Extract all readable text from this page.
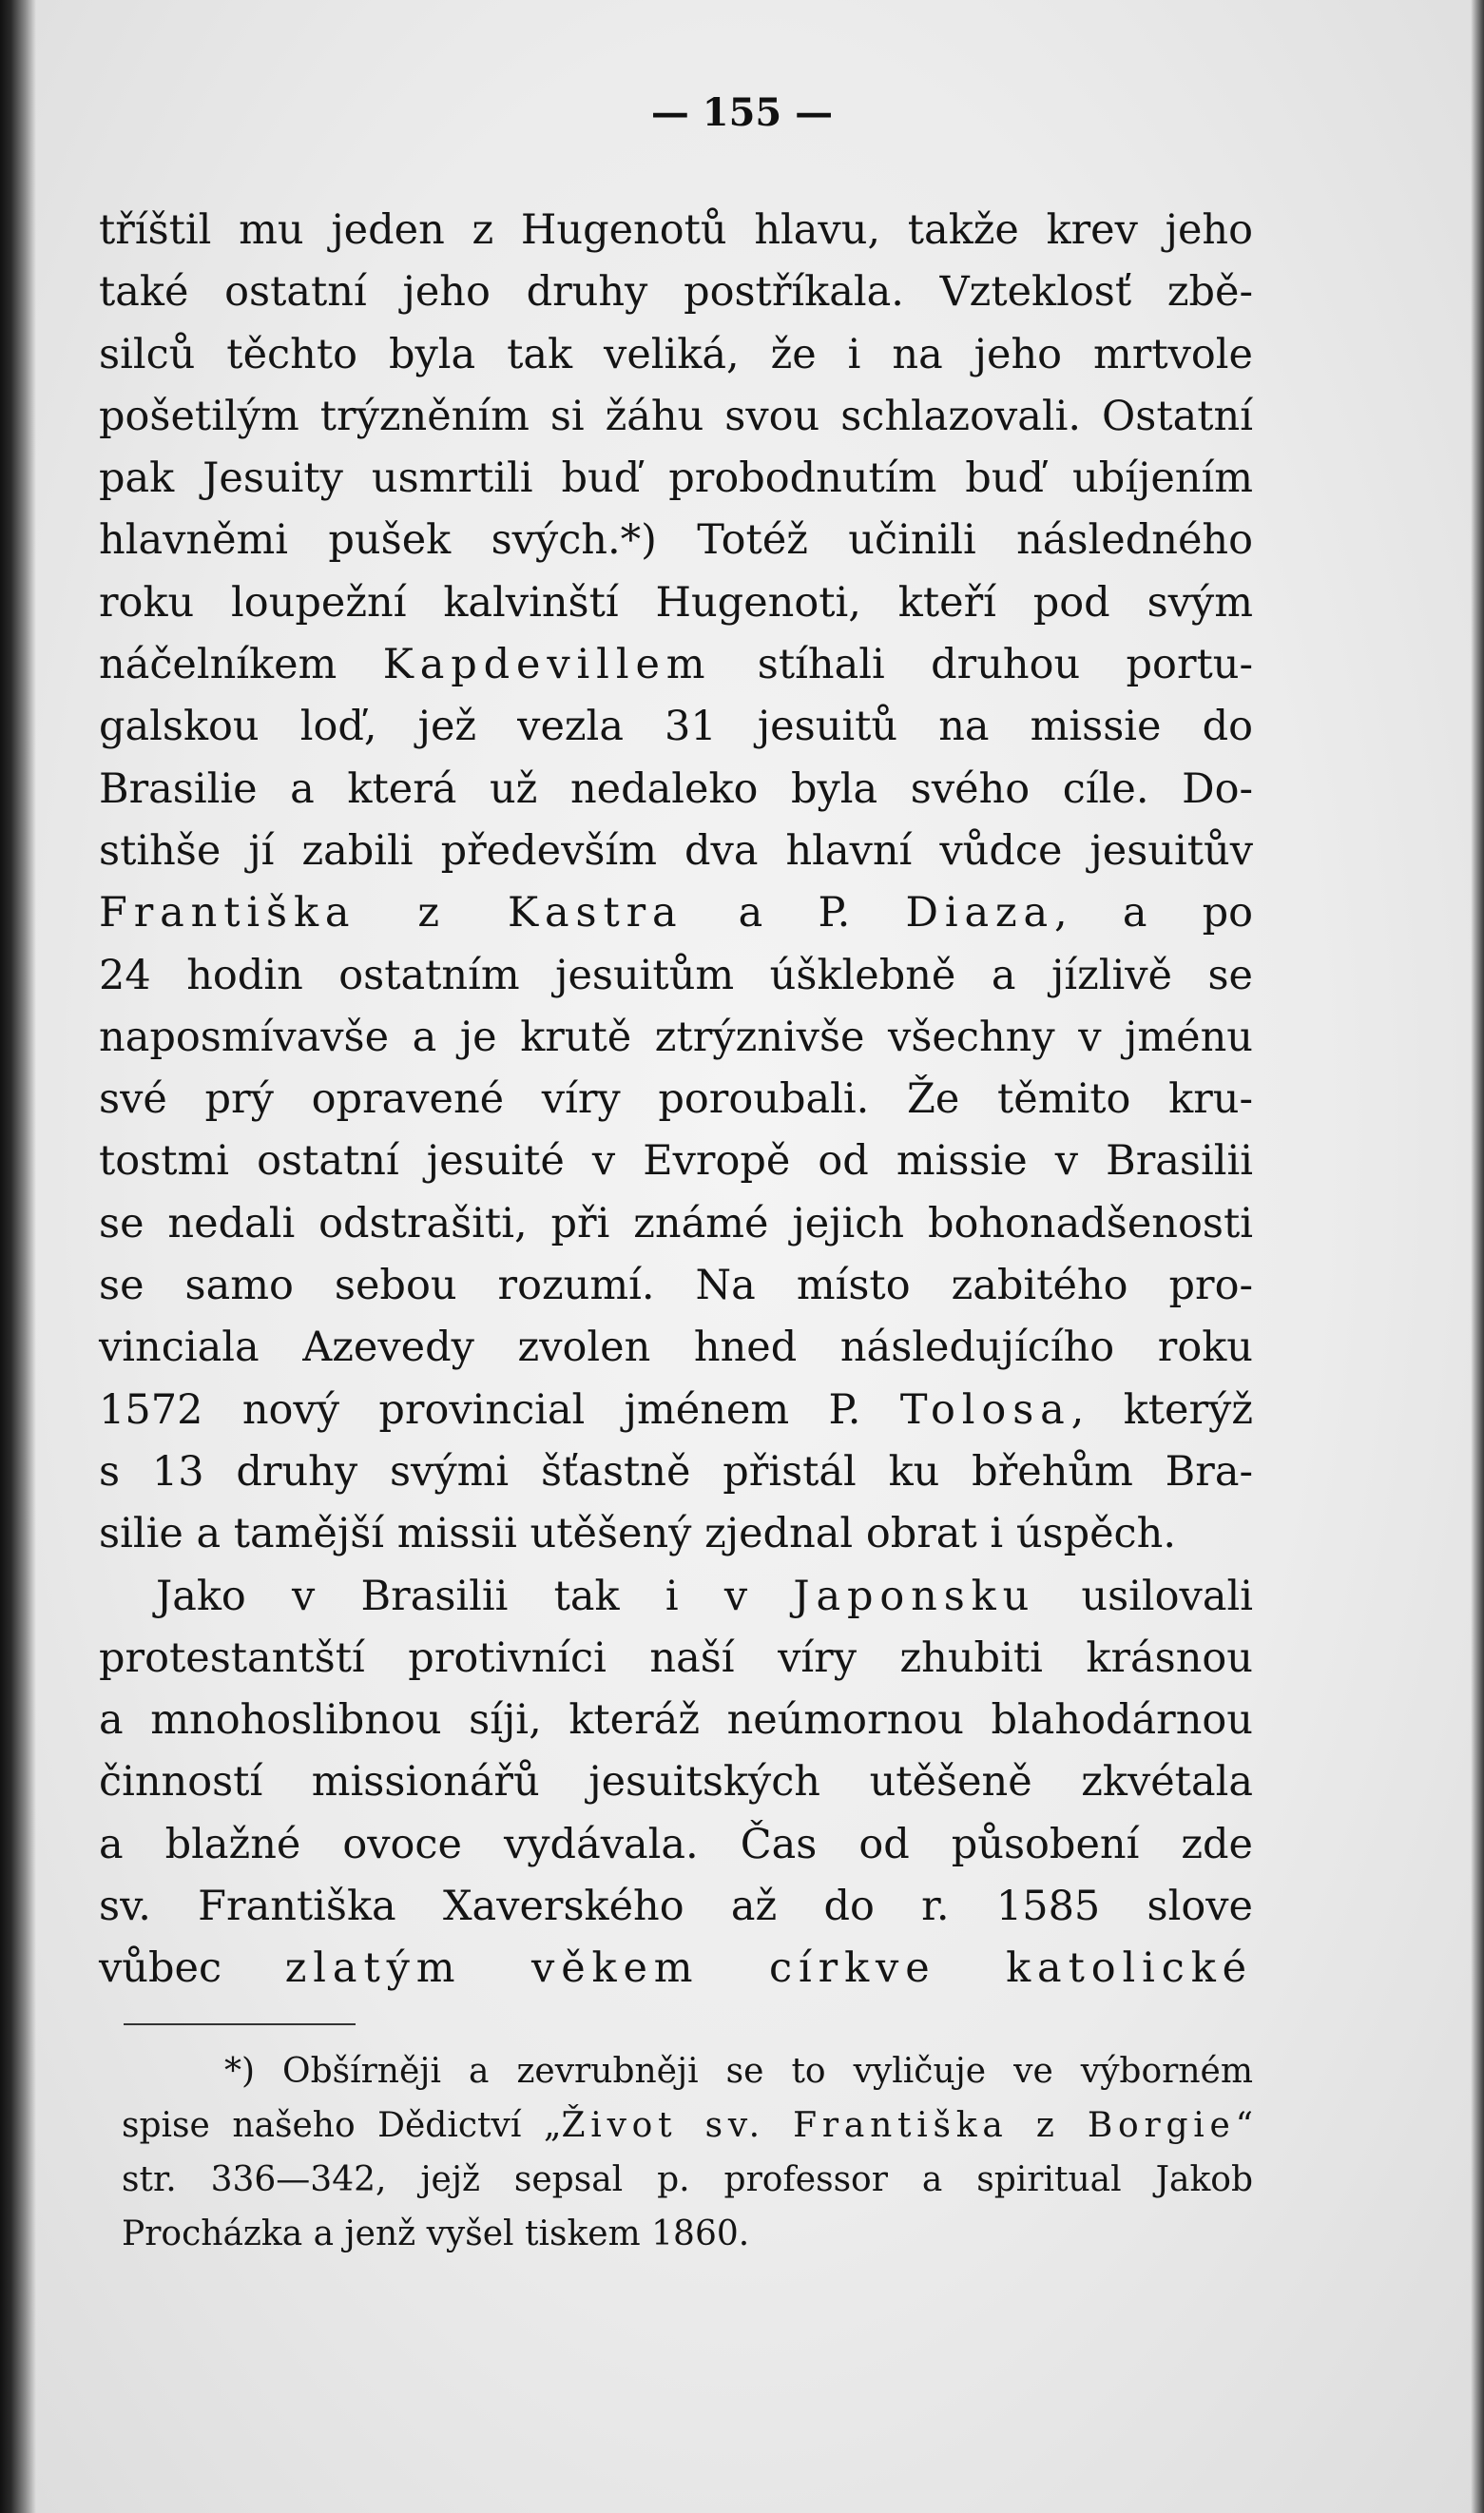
— 155 —
tříštil mu jeden z Hugenotů hlavu, takže krev jeho
také ostatní jeho druhy postříkala. Vzteklosť zbě-
silců těchto byla tak veliká, že i na jeho mrtvole
pošetilým trýzněním si žáhu svou schlazovali. Ostatní
pak Jesuity usmrtili buď probodnutím buď ubíjením
hlavněmi pušek svých.*) Totéž učinili následného
roku loupežní kalvinští Hugenoti, kteří pod svým
náčelníkem Kapdevillem stíhali druhou portu-
galskou loď, jež vezla 31 jesuitů na missie do
Brasilie a která už nedaleko byla svého cíle. Do-
stihše jí zabili především dva hlavní vůdce jesuitův
Františka z Kastra a P. Diaza, a po
24 hodin ostatním jesuitům úšklebně a jízlivě se
naposmívavše a je krutě ztrýznivše všechny v jménu
své prý opravené víry poroubali. Že těmito kru-
tostmi ostatní jesuité v Evropě od missie v Brasilii
se nedali odstrašiti, při známé jejich bohonadšenosti
se samo sebou rozumí. Na místo zabitého pro-
vinciala Azevedy zvolen hned následujícího roku
1572 nový provincial jménem P. Tolosa, kterýž
s 13 druhy svými šťastně přistál ku břehům Bra-
silie a tamější missii utěšený zjednal obrat i úspěch.
Jako v Brasilii tak i v Japonsku usilovali
protestantští protivníci naší víry zhubiti krásnou
a mnohoslibnou síji, kteráž neúmornou blahodárnou
činností missionářů jesuitských utěšeně zkvétala
a blažné ovoce vydávala. Čas od působení zde
sv. Františka Xaverského až do r. 1585 slove
vůbec zlatým věkem církve katolické
*) Obšírněji a zevrubněji se to vyličuje ve výborném
spise našeho Dědictví „Život sv. Františka z Borgie“
str. 336—342, jejž sepsal p. professor a spiritual Jakob
Procházka a jenž vyšel tiskem 1860.
